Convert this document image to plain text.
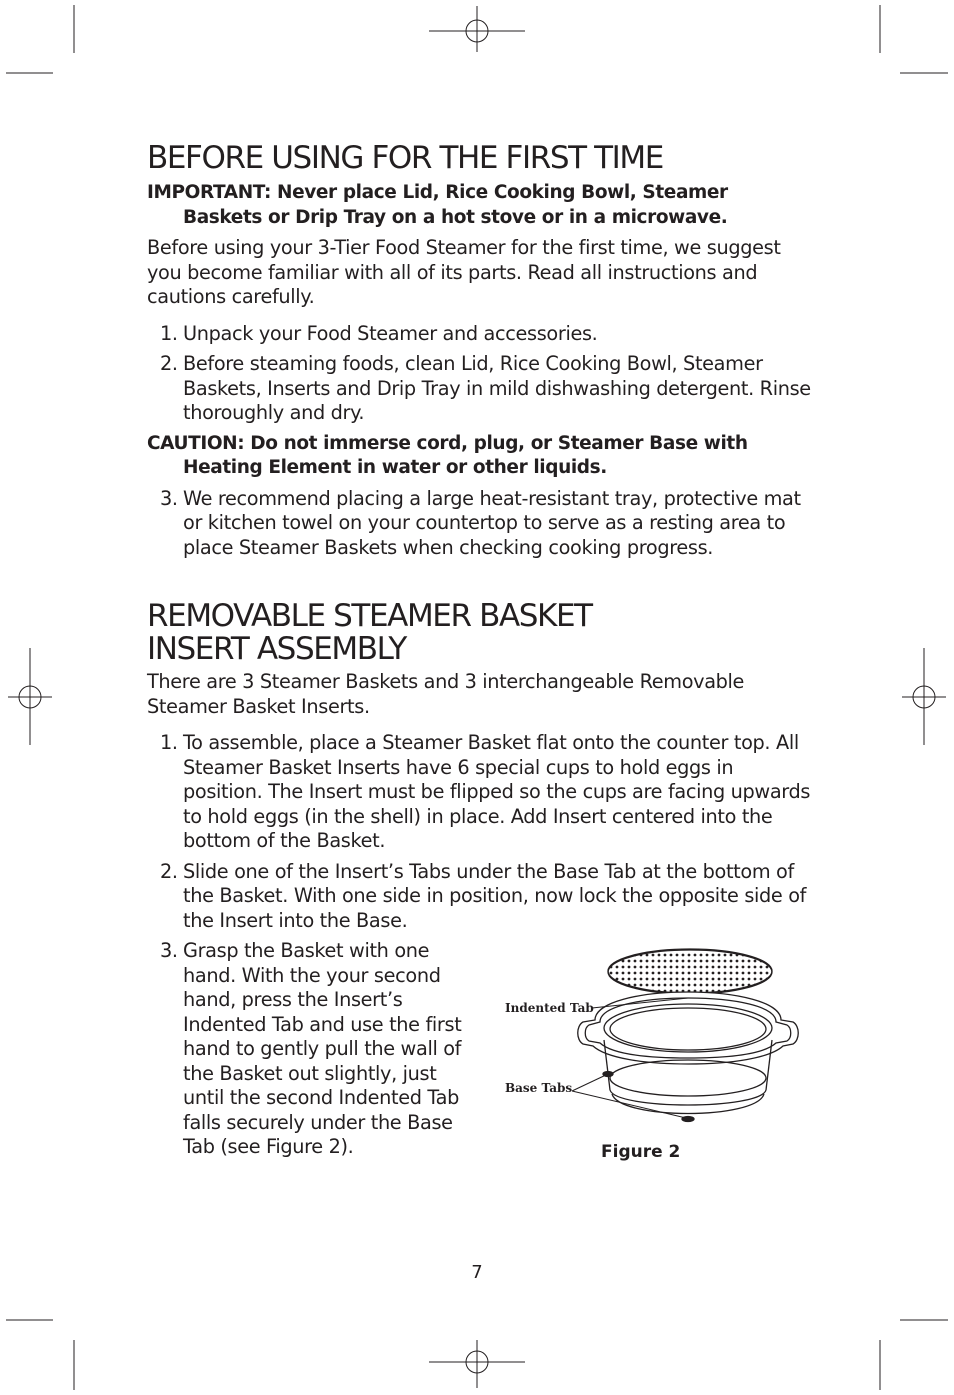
BEFORE USING FOR THE FIRST TIME

IMPORTANT: Never place Lid, Rice Cooking Bowl, Steamer Baskets or Drip Tray on a hot stove or in a microwave.

Before using your 3-Tier Food Steamer for the first time, we suggest you become familiar with all of its parts. Read all instructions and cautions carefully.

1. Unpack your Food Steamer and accessories.
2. Before steaming foods, clean Lid, Rice Cooking Bowl, Steamer Baskets, Inserts and Drip Tray in mild dishwashing detergent. Rinse thoroughly and dry.

CAUTION: Do not immerse cord, plug, or Steamer Base with Heating Element in water or other liquids.

3. We recommend placing a large heat-resistant tray, protective mat or kitchen towel on your countertop to serve as a resting area to place Steamer Baskets when checking cooking progress.
REMOVABLE STEAMER BASKET
INSERT ASSEMBLY

There are 3 Steamer Baskets and 3 interchangeable Removable Steamer Basket Inserts.

1. To assemble, place a Steamer Basket flat onto the counter top. All Steamer Basket Inserts have 6 special cups to hold eggs in position. The Insert must be flipped so the cups are facing upwards to hold eggs (in the shell) in place. Add Insert centered into the bottom of the Basket.
2. Slide one of the Insert’s Tabs under the Base Tab at the bottom of the Basket. With one side in position, now lock the opposite side of the Insert into the Base.
3. Grasp the Basket with one hand. With the your second hand, press the Insert’s Indented Tab and use the first hand to gently pull the wall of the Basket out slightly, just until the second Indented Tab falls securely under the Base Tab (see Figure 2).
Indented Tab
Base Tabs
Figure 2
7
